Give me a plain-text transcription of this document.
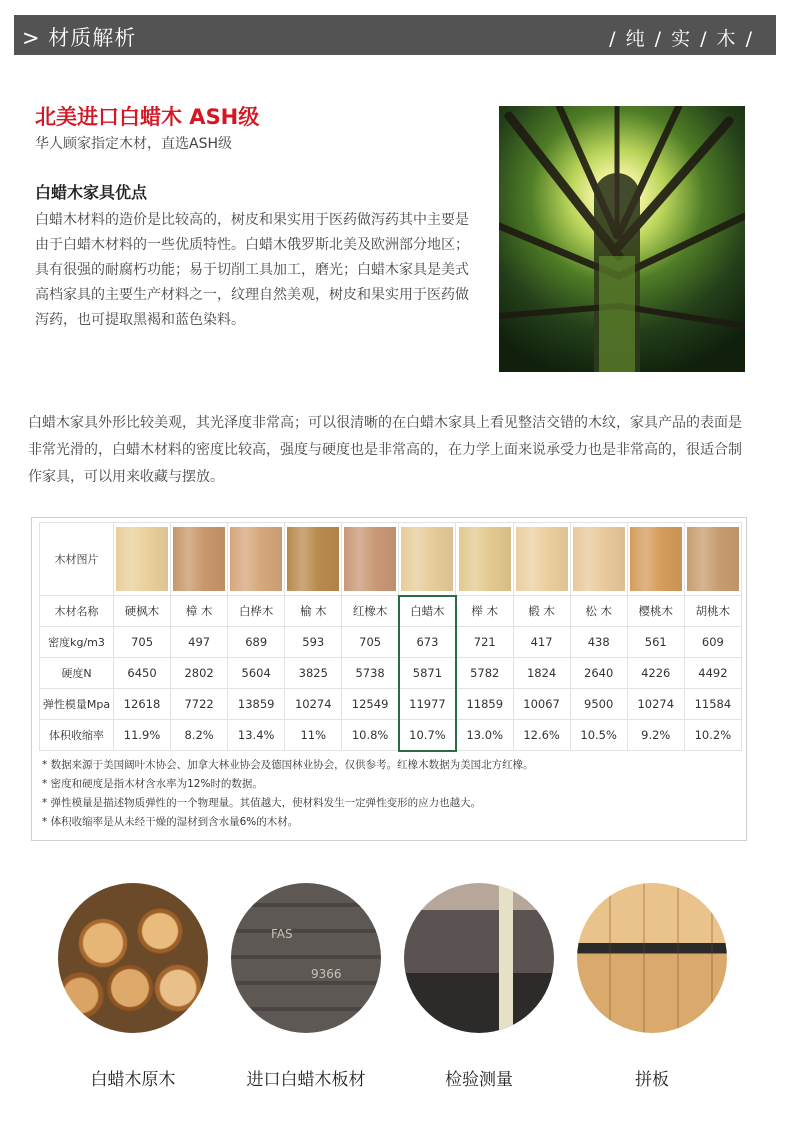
> 材质解析	/ 纯 / 实 / 木 /
北美进口白蜡木 ASH级
华人顾家指定木材，直选ASH级
白蜡木家具优点
白蜡木材料的造价是比较高的，树皮和果实用于医药做泻药其中主要是由于白蜡木材料的一些优质特性。白蜡木俄罗斯北美及欧洲部分地区；具有很强的耐腐朽功能；易于切削工具加工，磨光；白蜡木家具是美式高档家具的主要生产材料之一，纹理自然美观，树皮和果实用于医药做泻药，也可提取黑褐和蓝色染料。
白蜡木家具外形比较美观，其光泽度非常高；可以很清晰的在白蜡木家具上看见整洁交错的木纹，家具产品的表面是非常光滑的，白蜡木材料的密度比较高，强度与硬度也是非常高的，在力学上面来说承受力也是非常高的，很适合制作家具，可以用来收藏与摆放。
木材图片	

木材名称	硬枫木	樟 木	白桦木	榆 木	红橡木	白蜡木	榉 木	椴 木	松 木	樱桃木	胡桃木
密度kg/m3	705	497	689	593	705	673	721	417	438	561	609
硬度N	6450	2802	5604	3825	5738	5871	5782	1824	2640	4226	4492
弹性模量Mpa	12618	7722	13859	10274	12549	11977	11859	10067	9500	10274	11584
体积收缩率	11.9%	8.2%	13.4%	11%	10.8%	10.7%	13.0%	12.6%	10.5%	9.2%	10.2%
* 数据来源于美国阔叶木协会、加拿大林业协会及德国林业协会，仅供参考。红橡木数据为美国北方红橡。
* 密度和硬度是指木材含水率为12%时的数据。
* 弹性模量是描述物质弹性的一个物理量。其值越大，使材料发生一定弹性变形的应力也越大。
* 体积收缩率是从未经干燥的湿材到含水量6%的木材。
FAS
9366
白蜡木原木	进口白蜡木板材	检验测量	拼板
